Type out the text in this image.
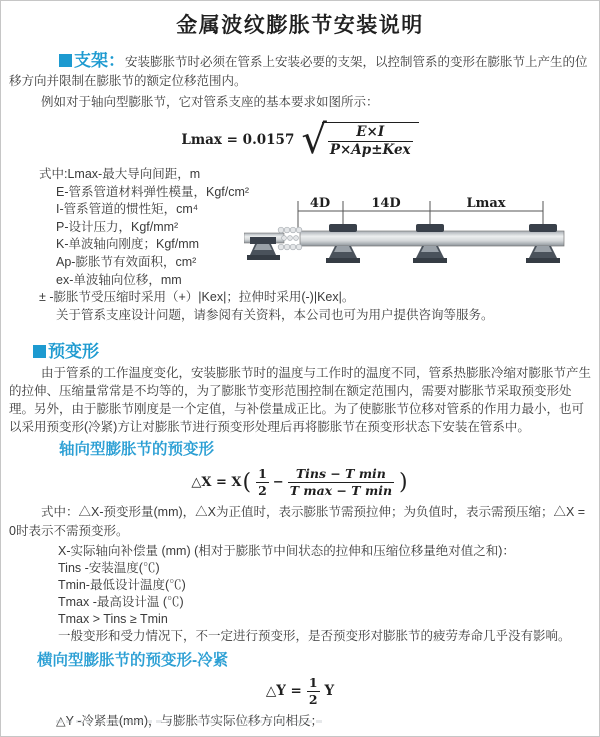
金属波纹膨胀节安装说明

支架：安装膨胀节时必须在管系上安装必要的支架，以控制管系的变形在膨胀节上产生的位移方向并限制在膨胀节的额定位移范围内。

例如对于轴向型膨胀节，它对管系支座的基本要求如图所示：

Lmax = 0.0157 √ $\frac{E\times I}{\text{P×Ap±Kex}}$
式中:Lmax-最大导向间距，m
E-管系管道材料弹性模量，Kgf/cm²
I-管系管道的惯性矩，cm⁴
P-设计压力，Kgf/mm²
K-单波轴向刚度；Kgf/mm
Ap-膨胀节有效面积，cm²
ex-单波轴向位移，mm
± -膨胀节受压缩时采用（+）|Kex|；拉伸时采用(-)|Kex|。
关于管系支座设计问题，请参阅有关资料，本公司也可为用户提供咨询等服务。
4D	14D	Lmax
预变形

由于管系的工作温度变化，安装膨胀节时的温度与工作时的温度不同，管系热膨胀冷缩对膨胀节产生的拉伸、压缩量常常是不均等的，为了膨胀节变形范围控制在额定范围内，需要对膨胀节采取预变形处理。另外，由于膨胀节刚度是一个定值，与补偿量成正比。为了使膨胀节位移对管系的作用力最小，也可以采用预变形(冷紧)方让对膨胀节进行预变形处理后再将膨胀节在预变形状态下安装在管系中。

轴向型膨胀节的预变形
△X = X ( $\frac{1}{2} - \frac{\text{Tins − T min}}{\text{T max − T min}}$ )

式中：△X-预变形量(mm)，△X为正值时，表示膨胀节需预拉伸；为负值时，表示需预压缩；△X = 0时表示不需预变形。

X-实际轴向补偿量 (mm) (相对于膨胀节中间状态的拉伸和压缩位移量绝对值之和)：
Tins -安装温度(℃)
Tmin-最低设计温度(℃)
Tmax -最高设计温 (℃)
Tmax > Tins ≥ Tmin
一般变形和受力情况下，不一定进行预变形，是否预变形对膨胀节的疲劳寿命几乎没有影响。
横向型膨胀节的预变形-冷紧
△Y = $\frac{1}{2}$ Y
△Y -冷紧量(mm)，与膨胀节实际位移方向相反；
